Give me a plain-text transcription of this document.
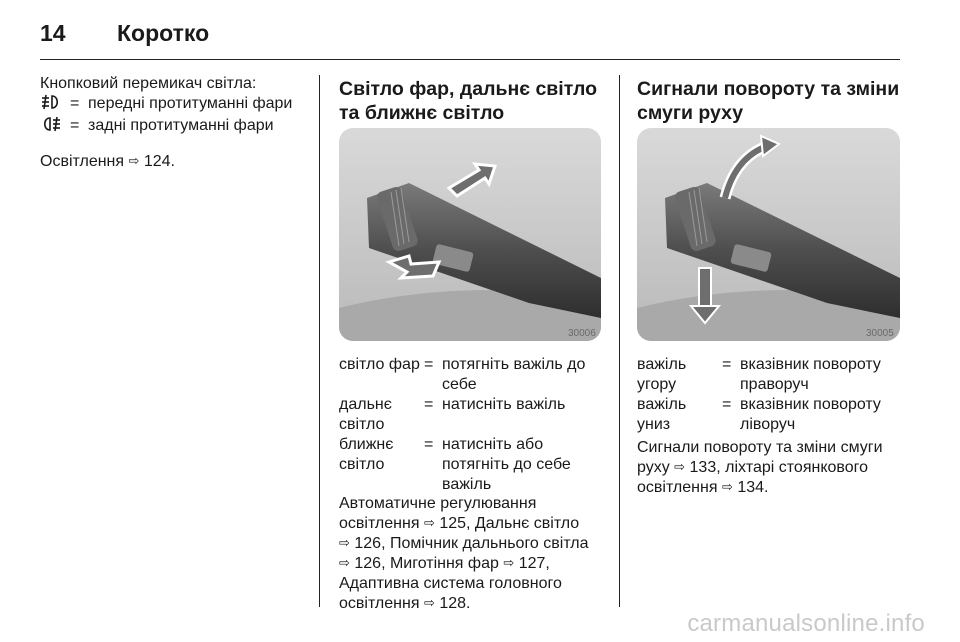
14 Коротко
Кнопковий перемикач світла:
= передні протитуманні фари
= задні протитуманні фари
Освітлення ⇨ 124.
Світло фар, дальнє світло та ближнє світло
30006
світло фар = потягніть важіль до себе
дальнє світло
= натисніть важіль
ближнє світло
= натисніть або потягніть до себе важіль
Автоматичне регулювання
освітлення ⇨ 125, Дальнє світло
⇨ 126, Помічник дальнього світла
⇨ 126, Миготіння фар ⇨ 127,
Адаптивна система головного
освітлення ⇨ 128.
Сигнали повороту та зміни смуги руху
30005
важіль угору
= вказівник повороту праворуч
важіль униз
= вказівник повороту ліворуч
Сигнали повороту та зміни смуги
руху ⇨ 133, ліхтарі стоянкового
освітлення ⇨ 134.
carmanualsonline.info
